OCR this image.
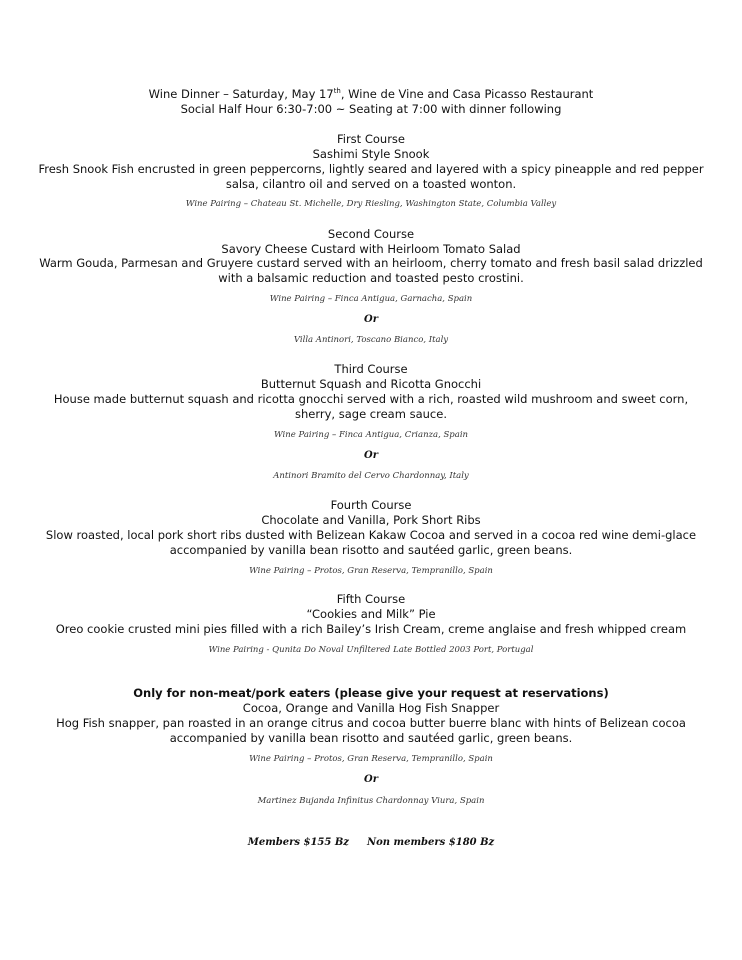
Wine Dinner – Saturday, May 17th, Wine de Vine and Casa Picasso Restaurant
Social Half Hour 6:30-7:00 ~ Seating at 7:00 with dinner following
First Course
Sashimi Style Snook
Fresh Snook Fish encrusted in green peppercorns, lightly seared and layered with a spicy pineapple and red pepper
salsa, cilantro oil and served on a toasted wonton.
Wine Pairing – Chateau St. Michelle, Dry Riesling, Washington State, Columbia Valley
Second Course
Savory Cheese Custard with Heirloom Tomato Salad
Warm Gouda, Parmesan and Gruyere custard served with an heirloom, cherry tomato and fresh basil salad drizzled
with a balsamic reduction and toasted pesto crostini.
Wine Pairing – Finca Antigua, Garnacha, Spain
Or
Villa Antinori, Toscano Bianco, Italy
Third Course
Butternut Squash and Ricotta Gnocchi
House made butternut squash and ricotta gnocchi served with a rich, roasted wild mushroom and sweet corn,
sherry, sage cream sauce.
Wine Pairing – Finca Antigua, Crianza, Spain
Or
Antinori Bramito del Cervo Chardonnay, Italy
Fourth Course
Chocolate and Vanilla, Pork Short Ribs
Slow roasted, local pork short ribs dusted with Belizean Kakaw Cocoa and served in a cocoa red wine demi-glace
accompanied by vanilla bean risotto and sautéed garlic, green beans.
Wine Pairing – Protos, Gran Reserva, Tempranillo, Spain
Fifth Course
“Cookies and Milk” Pie
Oreo cookie crusted mini pies filled with a rich Bailey’s Irish Cream, creme anglaise and fresh whipped cream
Wine Pairing - Qunita Do Noval Unfiltered Late Bottled 2003 Port, Portugal
Only for non-meat/pork eaters (please give your request at reservations)
Cocoa, Orange and Vanilla Hog Fish Snapper
Hog Fish snapper, pan roasted in an orange citrus and cocoa butter buerre blanc with hints of Belizean cocoa
accompanied by vanilla bean risotto and sautéed garlic, green beans.
Wine Pairing – Protos, Gran Reserva, Tempranillo, Spain
Or
Martinez Bujanda Infinitus Chardonnay Viura, Spain
Members $155 Bz Non members $180 Bz
